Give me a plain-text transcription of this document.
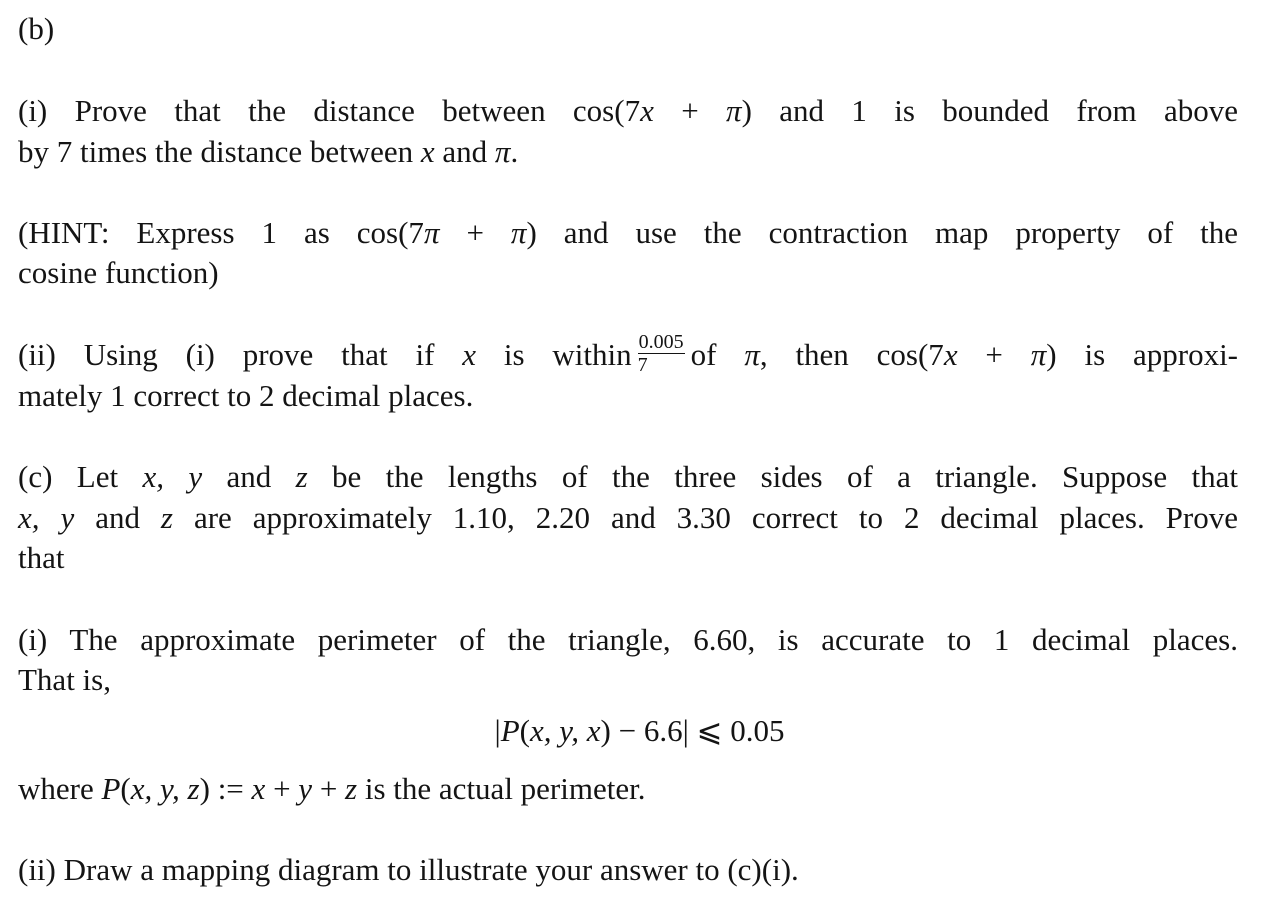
(b)
(i) Prove that the distance between cos(7x + π) and 1 is bounded from above
by 7 times the distance between x and π.
(HINT: Express 1 as cos(7π + π) and use the contraction map property of the
cosine function)
(ii) Using (i) prove that if x is within $\frac{0.005}{7}$ of π, then cos(7x + π) is approxi-
mately 1 correct to 2 decimal places.
(c) Let x, y and z be the lengths of the three sides of a triangle. Suppose that
x, y and z are approximately 1.10, 2.20 and 3.30 correct to 2 decimal places. Prove
that
(i) The approximate perimeter of the triangle, 6.60, is accurate to 1 decimal places.
That is,
|P(x, y, x) − 6.6| ⩽ 0.05
where P(x, y, z) := x + y + z is the actual perimeter.
(ii) Draw a mapping diagram to illustrate your answer to (c)(i).
